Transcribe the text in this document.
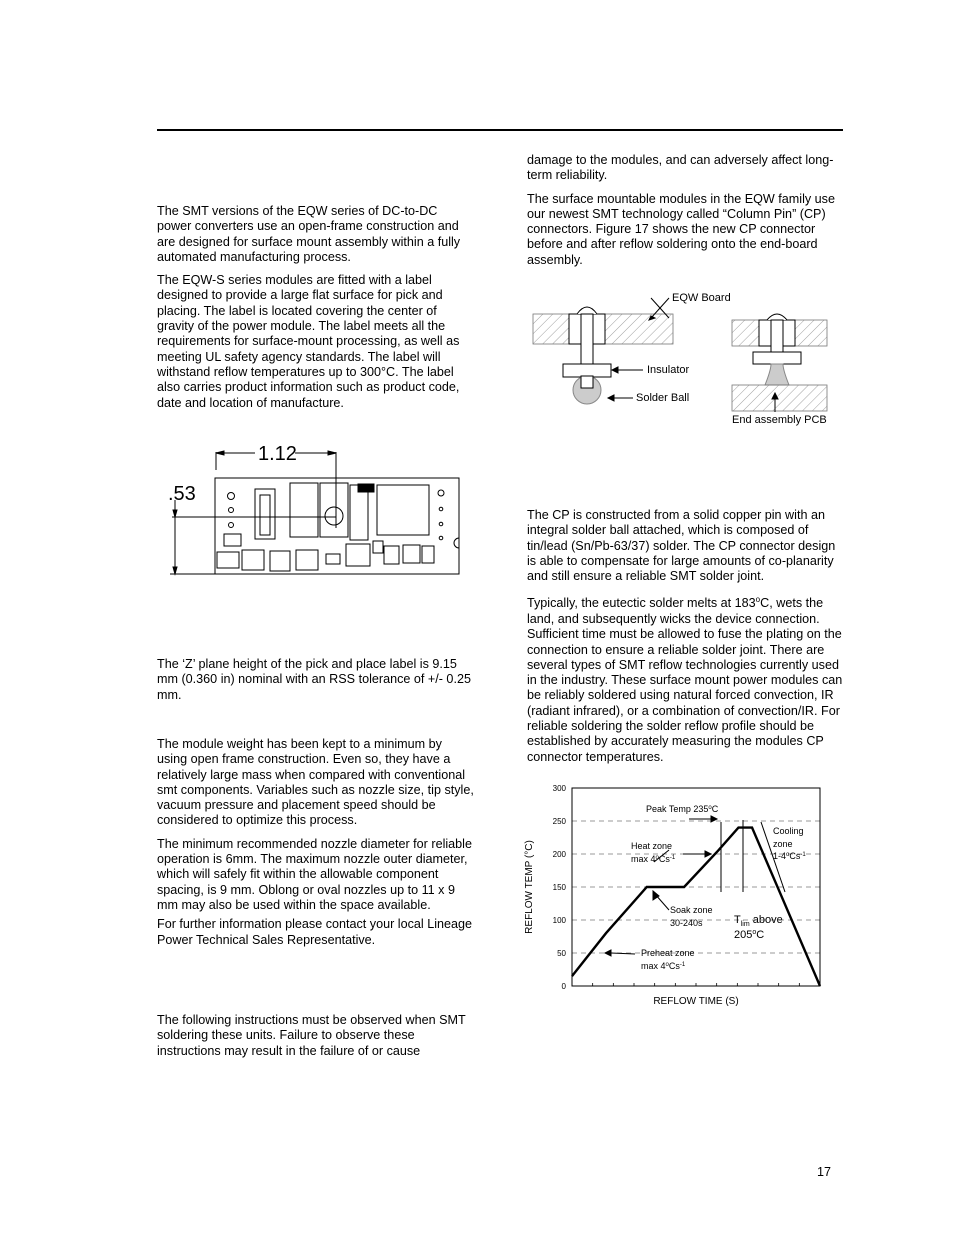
The SMT versions of the EQW series of DC-to-DC power converters use an open-frame construction and are designed for surface mount assembly within a fully automated manufacturing process.

The EQW-S series modules are fitted with a label designed to provide a large flat surface for pick and placing. The label is located covering the center of gravity of the power module. The label meets all the requirements for surface-mount processing, as well as meeting UL safety agency standards. The label will withstand reflow temperatures up to 300°C. The label also carries product information such as product code, date and location of manufacture.

1.12
.53

The ‘Z’ plane height of the pick and place label is 9.15 mm (0.360 in) nominal with an RSS tolerance of +/- 0.25 mm.

The module weight has been kept to a minimum by using open frame construction. Even so, they have a relatively large mass when compared with conventional smt components. Variables such as nozzle size, tip style, vacuum pressure and placement speed should be considered to optimize this process.

The minimum recommended nozzle diameter for reliable operation is 6mm. The maximum nozzle outer diameter, which will safely fit within the allowable component spacing, is 9 mm. Oblong or oval nozzles up to 11 x 9 mm may also be used within the space available.

For further information please contact your local Lineage Power Technical Sales Representative.

The following instructions must be observed when SMT soldering these units. Failure to observe these instructions may result in the failure of or cause

damage to the modules, and can adversely affect long-term reliability.

The surface mountable modules in the EQW family use our newest SMT technology called “Column Pin” (CP) connectors. Figure 17 shows the new CP connector before and after reflow soldering onto the end-board assembly.

EQW Board
Insulator
Solder Ball
End assembly PCB

The CP is constructed from a solid copper pin with an integral solder ball attached, which is composed of tin/lead (Sn/Pb-63/37) solder. The CP connector design is able to compensate for large amounts of co-planarity and still ensure a reliable SMT solder joint.

Typically, the eutectic solder melts at 183$^o$C, wets the land, and subsequently wicks the device connection. Sufficient time must be allowed to fuse the plating on the connection to ensure a reliable solder joint. There are several types of SMT reflow technologies currently used in the industry. These surface mount power modules can be reliably soldered using natural forced convection, IR (radiant infrared), or a combination of convection/IR. For reliable soldering the solder reflow profile should be established by accurately measuring the modules CP connector temperatures.

0
50
100
150
200
250
300
Peak Temp 235$^o$C
Heat zone
$\max 4^oCs^{-1}$
Cooling
zone
$1-4^oCs^{-1}$
Soak zone
30-240s	$T_{lim}$ above
205$^o$C
Preheat zone
$\max 4^oCs^{-1}$
REFLOW TIME (S)
REFLOW TEMP (°C)
17
